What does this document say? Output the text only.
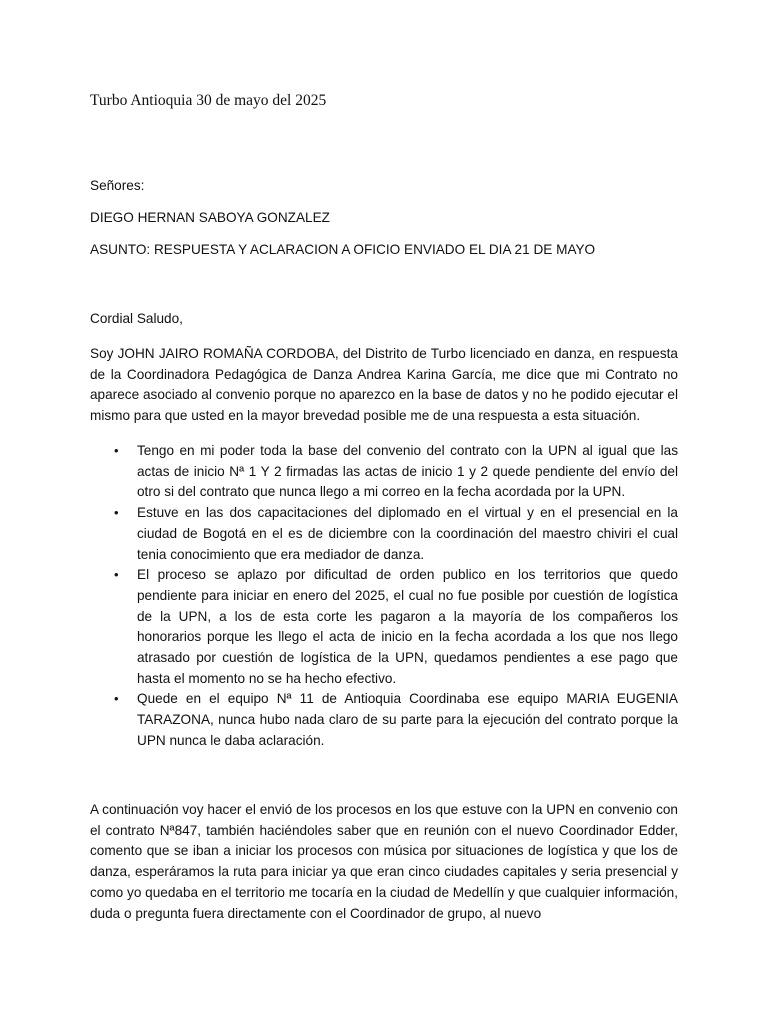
Turbo Antioquia 30 de mayo del 2025
Señores:
DIEGO HERNAN SABOYA GONZALEZ
ASUNTO: RESPUESTA Y ACLARACION A OFICIO ENVIADO EL DIA 21 DE MAYO
Cordial Saludo,

Soy JOHN JAIRO ROMAÑA CORDOBA, del Distrito de Turbo licenciado en danza, en respuesta de la Coordinadora Pedagógica de Danza Andrea Karina García, me dice que mi Contrato no aparece asociado al convenio porque no aparezco en la base de datos y no he podido ejecutar el mismo para que usted en la mayor brevedad posible me de una respuesta a esta situación.

• Tengo en mi poder toda la base del convenio del contrato con la UPN al igual que las actas de inicio Nª 1 Y 2 firmadas las actas de inicio 1 y 2 quede pendiente del envío del otro si del contrato que nunca llego a mi correo en la fecha acordada por la UPN.
• Estuve en las dos capacitaciones del diplomado en el virtual y en el presencial en la ciudad de Bogotá en el es de diciembre con la coordinación del maestro chiviri el cual tenia conocimiento que era mediador de danza.
• El proceso se aplazo por dificultad de orden publico en los territorios que quedo pendiente para iniciar en enero del 2025, el cual no fue posible por cuestión de logística de la UPN, a los de esta corte les pagaron a la mayoría de los compañeros los honorarios porque les llego el acta de inicio en la fecha acordada a los que nos llego atrasado por cuestión de logística de la UPN, quedamos pendientes a ese pago que hasta el momento no se ha hecho efectivo.
• Quede en el equipo Nª 11 de Antioquia Coordinaba ese equipo MARIA EUGENIA TARAZONA, nunca hubo nada claro de su parte para la ejecución del contrato porque la UPN nunca le daba aclaración.

A continuación voy hacer el envió de los procesos en los que estuve con la UPN en convenio con el contrato Nª847, también haciéndoles saber que en reunión con el nuevo Coordinador Edder, comento que se iban a iniciar los procesos con música por situaciones de logística y que los de danza, esperáramos la ruta para iniciar ya que eran cinco ciudades capitales y seria presencial y como yo quedaba en el territorio me tocaría en la ciudad de Medellín y que cualquier información, duda o pregunta fuera directamente con el Coordinador de grupo, al nuevo
